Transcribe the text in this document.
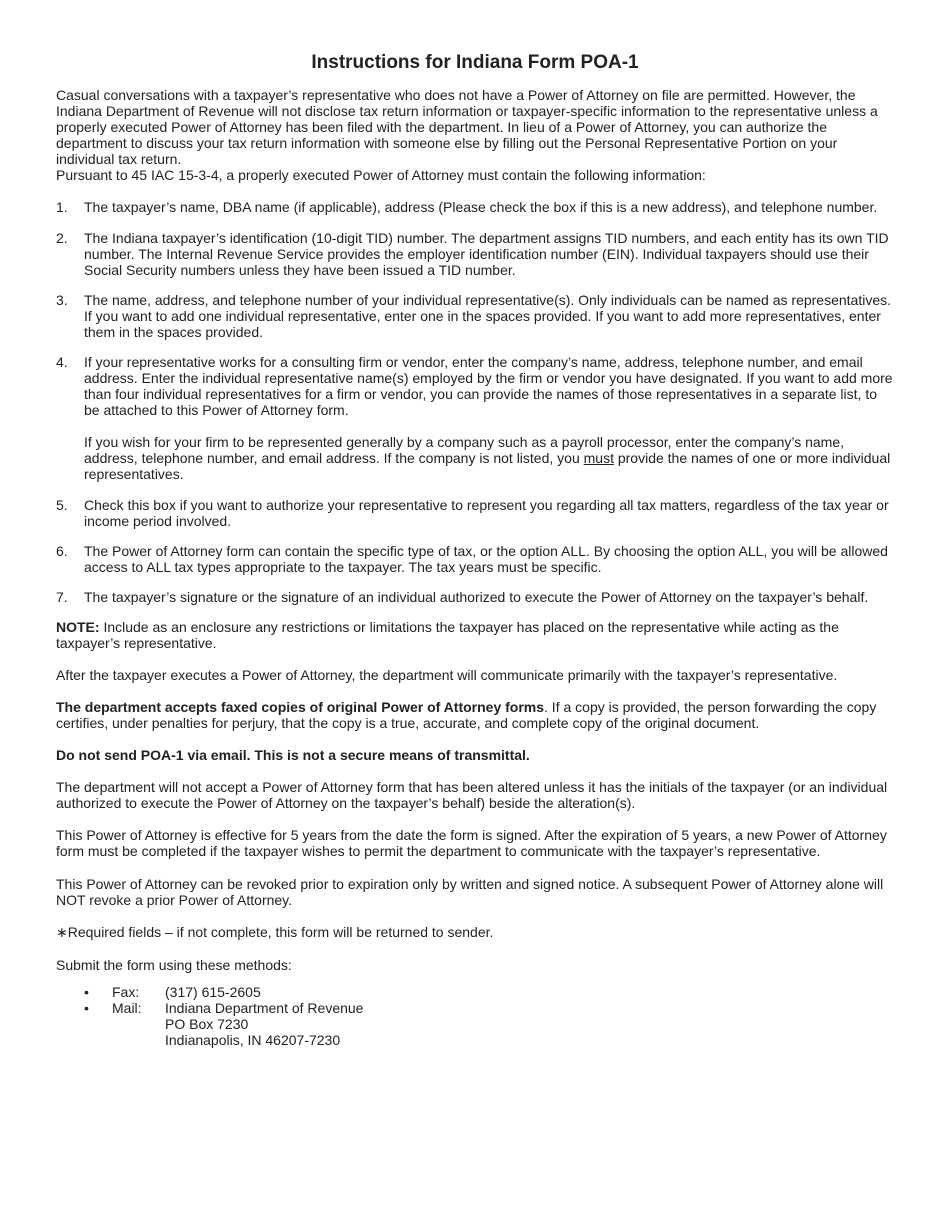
Instructions for Indiana Form POA-1

Casual conversations with a taxpayer’s representative who does not have a Power of Attorney on file are permitted. However, the Indiana Department of Revenue will not disclose tax return information or taxpayer-specific information to the representative unless a properly executed Power of Attorney has been filed with the department. In lieu of a Power of Attorney, you can authorize the department to discuss your tax return information with someone else by filling out the Personal Representative Portion on your individual tax return.

Pursuant to 45 IAC 15-3-4, a properly executed Power of Attorney must contain the following information:

1.	The taxpayer’s name, DBA name (if applicable), address (Please check the box if this is a new address), and telephone number.
2.	The Indiana taxpayer’s identification (10-digit TID) number. The department assigns TID numbers, and each entity has its own TID number. The Internal Revenue Service provides the employer identification number (EIN). Individual taxpayers should use their Social Security numbers unless they have been issued a TID number.
3.	The name, address, and telephone number of your individual representative(s). Only individuals can be named as representatives. If you want to add one individual representative, enter one in the spaces provided. If you want to add more representatives, enter them in the spaces provided.
4.	If your representative works for a consulting firm or vendor, enter the company’s name, address, telephone number, and email address. Enter the individual representative name(s) employed by the firm or vendor you have designated. If you want to add more than four individual representatives for a firm or vendor, you can provide the names of those representatives in a separate list, to be attached to this Power of Attorney form.
If you wish for your firm to be represented generally by a company such as a payroll processor, enter the company’s name, address, telephone number, and email address. If the company is not listed, you must provide the names of one or more individual representatives.
5.	Check this box if you want to authorize your representative to represent you regarding all tax matters, regardless of the tax year or income period involved.
6.	The Power of Attorney form can contain the specific type of tax, or the option ALL. By choosing the option ALL, you will be allowed access to ALL tax types appropriate to the taxpayer. The tax years must be specific.
7.	The taxpayer’s signature or the signature of an individual authorized to execute the Power of Attorney on the taxpayer’s behalf.

NOTE: Include as an enclosure any restrictions or limitations the taxpayer has placed on the representative while acting as the taxpayer’s representative.

After the taxpayer executes a Power of Attorney, the department will communicate primarily with the taxpayer’s representative.

The department accepts faxed copies of original Power of Attorney forms. If a copy is provided, the person forwarding the copy certifies, under penalties for perjury, that the copy is a true, accurate, and complete copy of the original document.

Do not send POA-1 via email. This is not a secure means of transmittal.

The department will not accept a Power of Attorney form that has been altered unless it has the initials of the taxpayer (or an individual authorized to execute the Power of Attorney on the taxpayer’s behalf) beside the alteration(s).

This Power of Attorney is effective for 5 years from the date the form is signed. After the expiration of 5 years, a new Power of Attorney form must be completed if the taxpayer wishes to permit the department to communicate with the taxpayer’s representative.

This Power of Attorney can be revoked prior to expiration only by written and signed notice. A subsequent Power of Attorney alone will NOT revoke a prior Power of Attorney.

∗Required fields – if not complete, this form will be returned to sender.

Submit the form using these methods:

• Fax: (317) 615-2605
• Mail: Indiana Department of Revenue
PO Box 7230
Indianapolis, IN 46207-7230
